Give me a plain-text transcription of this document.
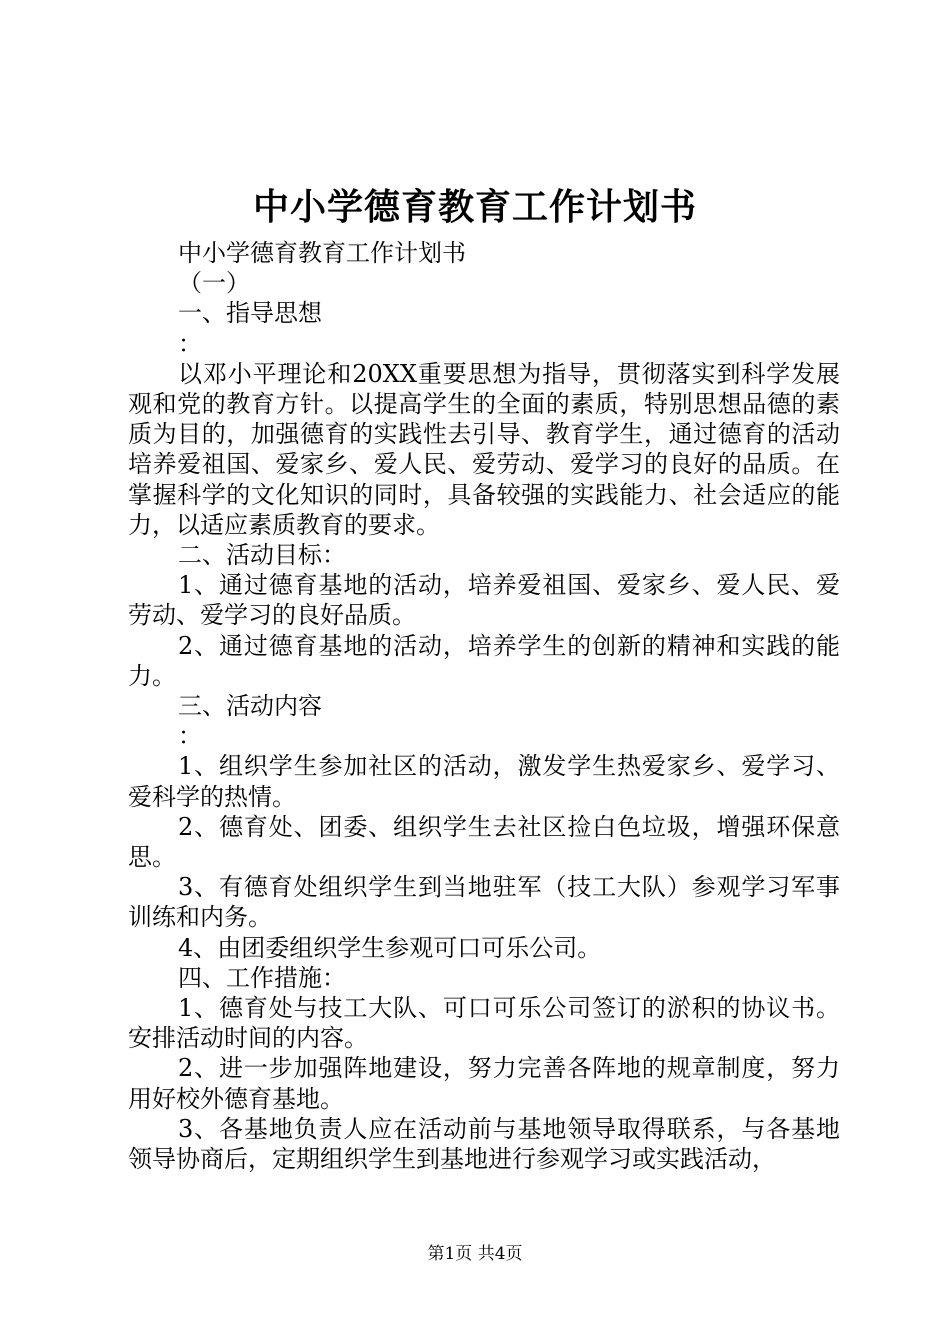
中小学德育教育工作计划书

中小学德育教育工作计划书

（一）

一、指导思想

：

以邓小平理论和20XX重要思想为指导，贯彻落实到科学发展观和党的教育方针。以提高学生的全面的素质，特别思想品德的素质为目的，加强德育的实践性去引导、教育学生，通过德育的活动培养爱祖国、爱家乡、爱人民、爱劳动、爱学习的良好的品质。在掌握科学的文化知识的同时，具备较强的实践能力、社会适应的能力，以适应素质教育的要求。

二、活动目标：

1、通过德育基地的活动，培养爱祖国、爱家乡、爱人民、爱劳动、爱学习的良好品质。

2、通过德育基地的活动，培养学生的创新的精神和实践的能力。

三、活动内容

：

1、组织学生参加社区的活动，激发学生热爱家乡、爱学习、爱科学的热情。

2、德育处、团委、组织学生去社区捡白色垃圾，增强环保意思。

3、有德育处组织学生到当地驻军（技工大队）参观学习军事训练和内务。

4、由团委组织学生参观可口可乐公司。

四、工作措施：

1、德育处与技工大队、可口可乐公司签订的淤积的协议书。安排活动时间的内容。

2、进一步加强阵地建设，努力完善各阵地的规章制度，努力用好校外德育基地。

3、各基地负责人应在活动前与基地领导取得联系，与各基地领导协商后，定期组织学生到基地进行参观学习或实践活动，

第1页 共4页
